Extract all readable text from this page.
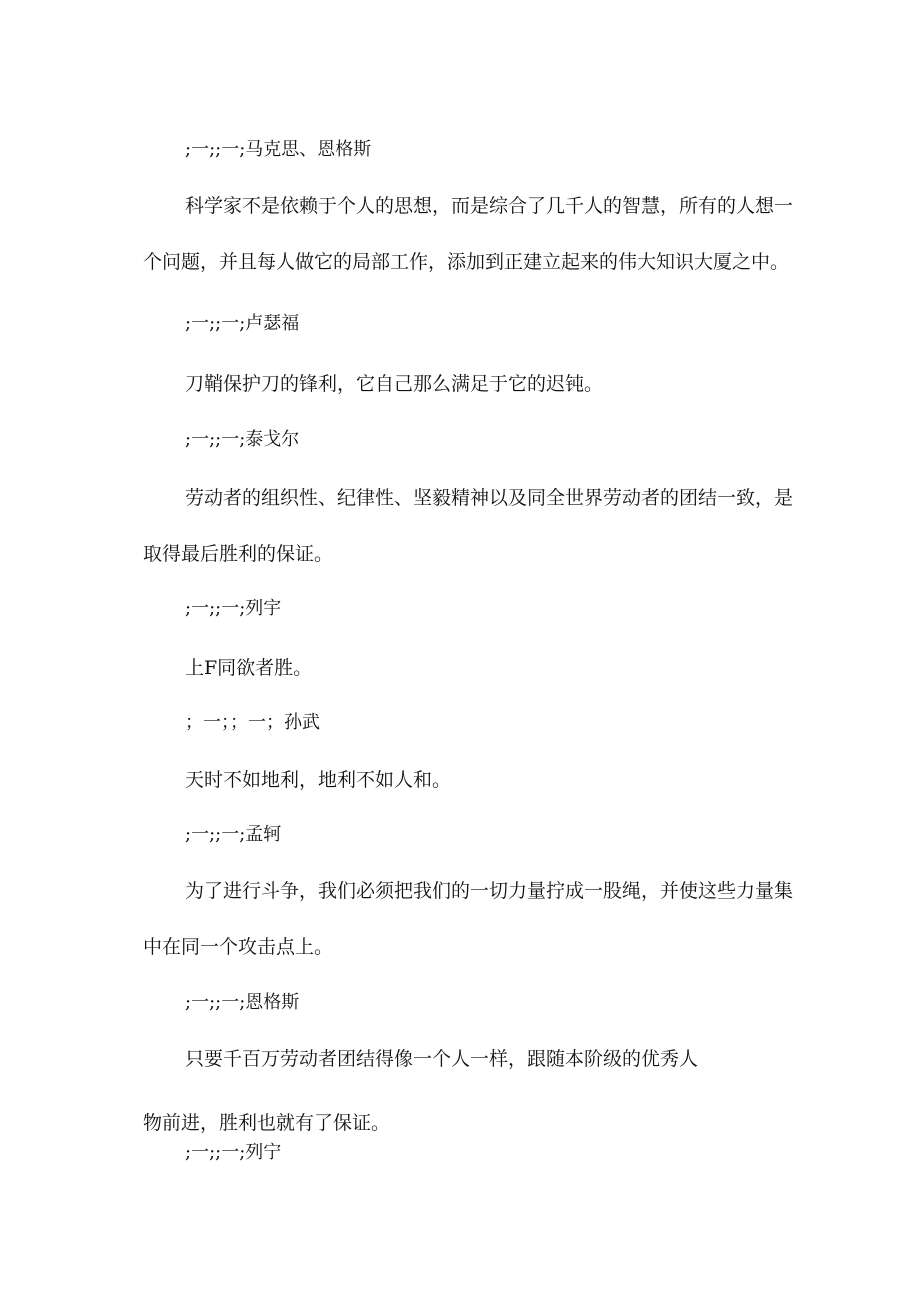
;一;;一;马克思、恩格斯
科学家不是依赖于个人的思想，而是综合了几千人的智慧，所有的人想一
个问题，并且每人做它的局部工作，添加到正建立起来的伟大知识大厦之中。
;一;;一;卢瑟福
刀鞘保护刀的锋利，它自己那么满足于它的迟钝。
;一;;一;泰戈尔
劳动者的组织性、纪律性、坚毅精神以及同全世界劳动者的团结一致，是
取得最后胜利的保证。
;一;;一;列宇
上F同欲者胜。
；一；；一；孙武
天时不如地利，地利不如人和。
;一;;一;孟轲
为了进行斗争，我们必须把我们的一切力量拧成一股绳，并使这些力量集
中在同一个攻击点上。
;一;;一;恩格斯
只要千百万劳动者团结得像一个人一样，跟随本阶级的优秀人
物前进，胜利也就有了保证。
;一;;一;列宁
